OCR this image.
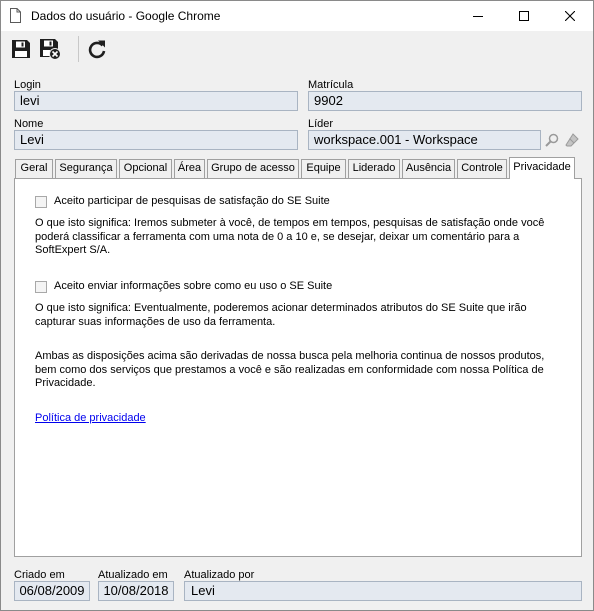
Dados do usuário - Google Chrome
Login
levi
Matrícula
9902
Nome
Levi
Líder
workspace.001 - Workspace
Geral	Segurança	Opcional Área Grupo de acesso	Equipe	Liderado Ausência Controle Privacidade
Aceito participar de pesquisas de satisfação do SE Suite
O que isto significa: Iremos submeter à você, de tempos em tempos, pesquisas de satisfação onde você
poderá classificar a ferramenta com uma nota de 0 a 10 e, se desejar, deixar um comentário para a
SoftExpert S/A.
Aceito enviar informações sobre como eu uso o SE Suite
O que isto significa: Eventualmente, poderemos acionar determinados atributos do SE Suite que irão
capturar suas informações de uso da ferramenta.
Ambas as disposições acima são derivadas de nossa busca pela melhoria continua de nossos produtos,
bem como dos serviços que prestamos a você e são realizadas em conformidade com nossa Política de
Privacidade.
Política de privacidade
Criado em
06/08/2009
Atualizado em
10/08/2018
Atualizado por
Levi
